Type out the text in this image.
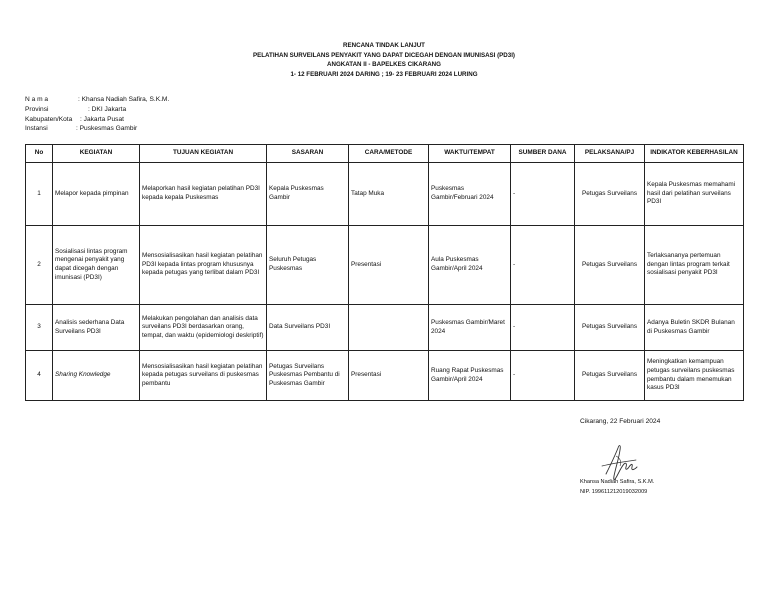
RENCANA TINDAK LANJUT
PELATIHAN SURVEILANS PENYAKIT YANG DAPAT DICEGAH DENGAN IMUNISASI (PD3I)
ANGKATAN II - BAPELKES CIKARANG
1- 12 FEBRUARI 2024 DARING ; 19- 23 FEBRUARI 2024 LURING
N a m a	: Khansa Nadiah Safira, S.K.M.
Provinsi	: DKI Jakarta
Kabupaten/Kota : Jakarta Pusat
Instansi	: Puskesmas Gambir
No	KEGIATAN	TUJUAN KEGIATAN	SASARAN	CARA/METODE	WAKTU/TEMPAT	SUMBER DANA	PELAKSANA/PJ	INDIKATOR KEBERHASILAN
1	Melapor kepada pimpinan	Melaporkan hasil kegiatan pelatihan PD3I kepada kepala Puskesmas	Kepala Puskesmas Gambir	Tatap Muka	Puskesmas Gambir/Februari 2024	-	Petugas Surveilans	Kepala Puskesmas memahami hasil dari pelatihan surveilans PD3I
2	Sosialisasi lintas program mengenai penyakit yang dapat dicegah dengan imunisasi (PD3I)	Mensosialisasikan hasil kegiatan pelatihan PD3I kepada lintas program khususnya kepada petugas yang terlibat dalam PD3I	Seluruh Petugas Puskesmas	Presentasi	Aula Puskesmas Gambir/April 2024	-	Petugas Surveilans	Terlaksananya pertemuan dengan lintas program terkait sosialisasi penyakit PD3I
3	Analisis sederhana Data Surveilans PD3I	Melakukan pengolahan dan analisis data surveilans PD3I berdasarkan orang, tempat, dan waktu (epidemiologi deskriptif)	Data Surveilans PD3I		Puskesmas Gambir/Maret 2024	-	Petugas Surveilans	Adanya Buletin SKDR Bulanan di Puskesmas Gambir
4	Sharing Knowledge	Mensosialisasikan hasil kegiatan pelatihan kepada petugas surveilans di puskesmas pembantu	Petugas Surveilans Puskesmas Pembantu di Puskesmas Gambir	Presentasi	Ruang Rapat Puskesmas Gambir/April 2024	-	Petugas Surveilans	Meningkatkan kemampuan petugas surveilans puskesmas pembantu dalam menemukan kasus PD3I
Cikarang, 22 Februari 2024
Khansa Nadiah Safira, S.K.M.
NIP. 199611212019032009
